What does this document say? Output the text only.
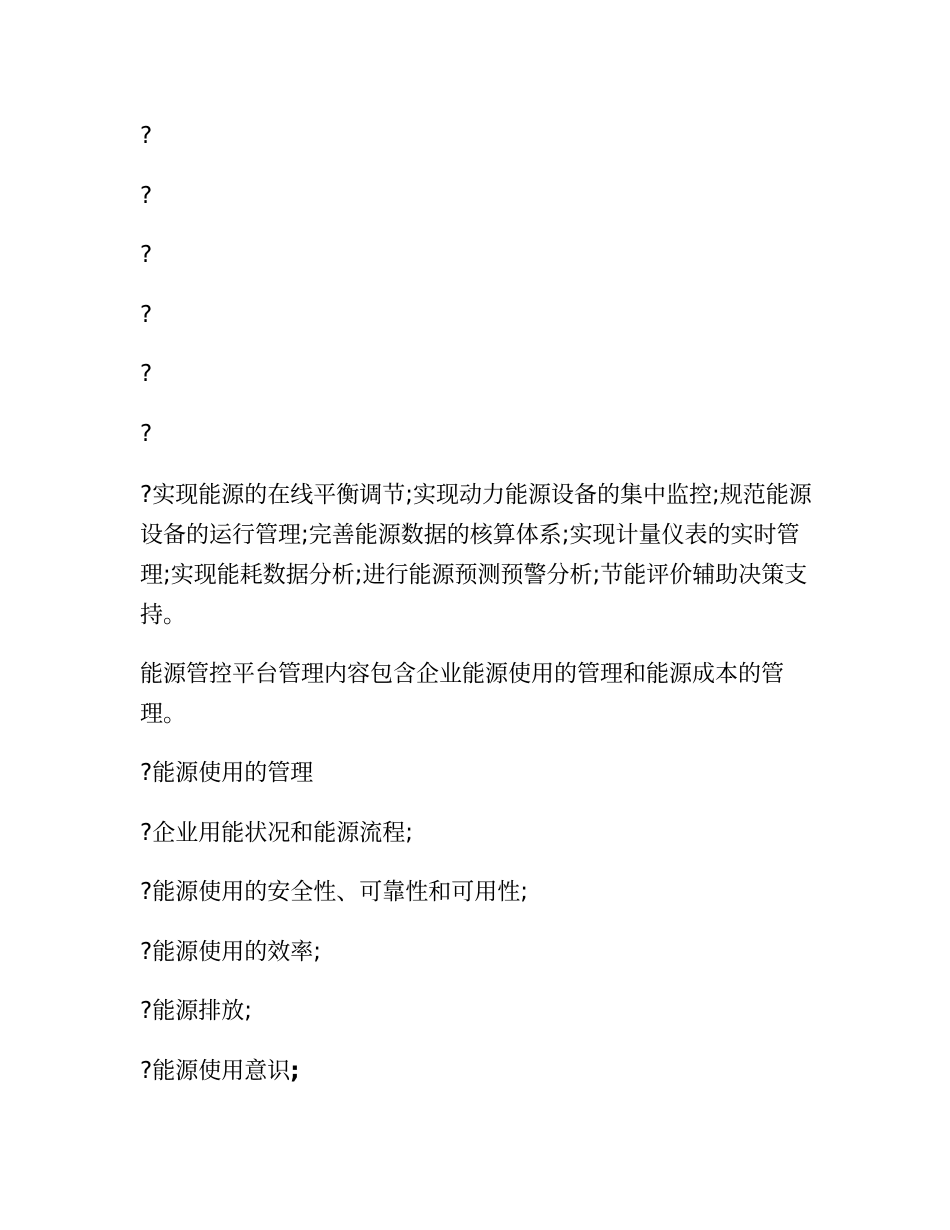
?
?
?
?
?
?

?实现能源的在线平衡调节;实现动力能源设备的集中监控;规范能源设备的运行管理;完善能源数据的核算体系;实现计量仪表的实时管理;实现能耗数据分析;进行能源预测预警分析;节能评价辅助决策支持。

能源管控平台管理内容包含企业能源使用的管理和能源成本的管理。

?能源使用的管理
?企业用能状况和能源流程;
?能源使用的安全性、可靠性和可用性;
?能源使用的效率;
?能源排放;
?能源使用意识;
